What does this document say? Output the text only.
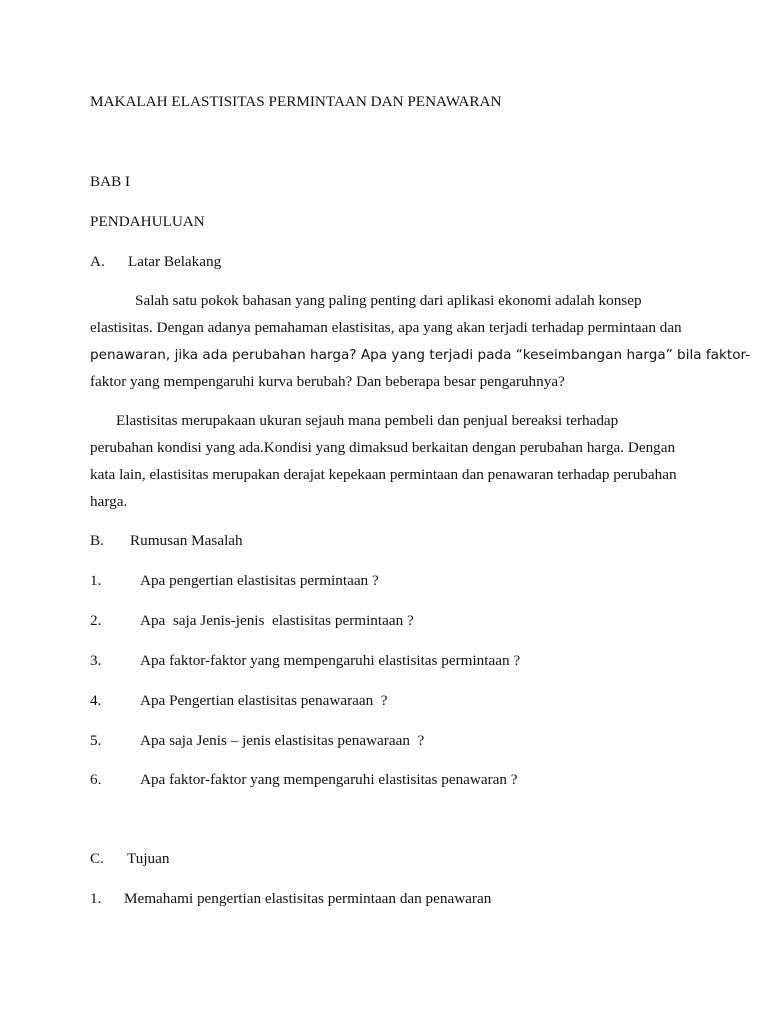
MAKALAH ELASTISITAS PERMINTAAN DAN PENAWARAN
BAB I
PENDAHULUAN
A. Latar Belakang
Salah satu pokok bahasan yang paling penting dari aplikasi ekonomi adalah konsep
elastisitas. Dengan adanya pemahaman elastisitas, apa yang akan terjadi terhadap permintaan dan
penawaran, jika ada perubahan harga? Apa yang terjadi pada “keseimbangan harga” bila faktor-
faktor yang mempengaruhi kurva berubah? Dan beberapa besar pengaruhnya?
Elastisitas merupakaan ukuran sejauh mana pembeli dan penjual bereaksi terhadap
perubahan kondisi yang ada.Kondisi yang dimaksud berkaitan dengan perubahan harga. Dengan
kata lain, elastisitas merupakan derajat kepekaan permintaan dan penawaran terhadap perubahan
harga.
B. Rumusan Masalah
1.	Apa pengertian elastisitas permintaan ?
2.	Apa  saja Jenis-jenis  elastisitas permintaan ?
3.	Apa faktor-faktor yang mempengaruhi elastisitas permintaan ?
4.	Apa Pengertian elastisitas penawaraan  ?
5.	Apa saja Jenis – jenis elastisitas penawaraan  ?
6.	Apa faktor-faktor yang mempengaruhi elastisitas penawaran ?
C. Tujuan
1. Memahami pengertian elastisitas permintaan dan penawaran
